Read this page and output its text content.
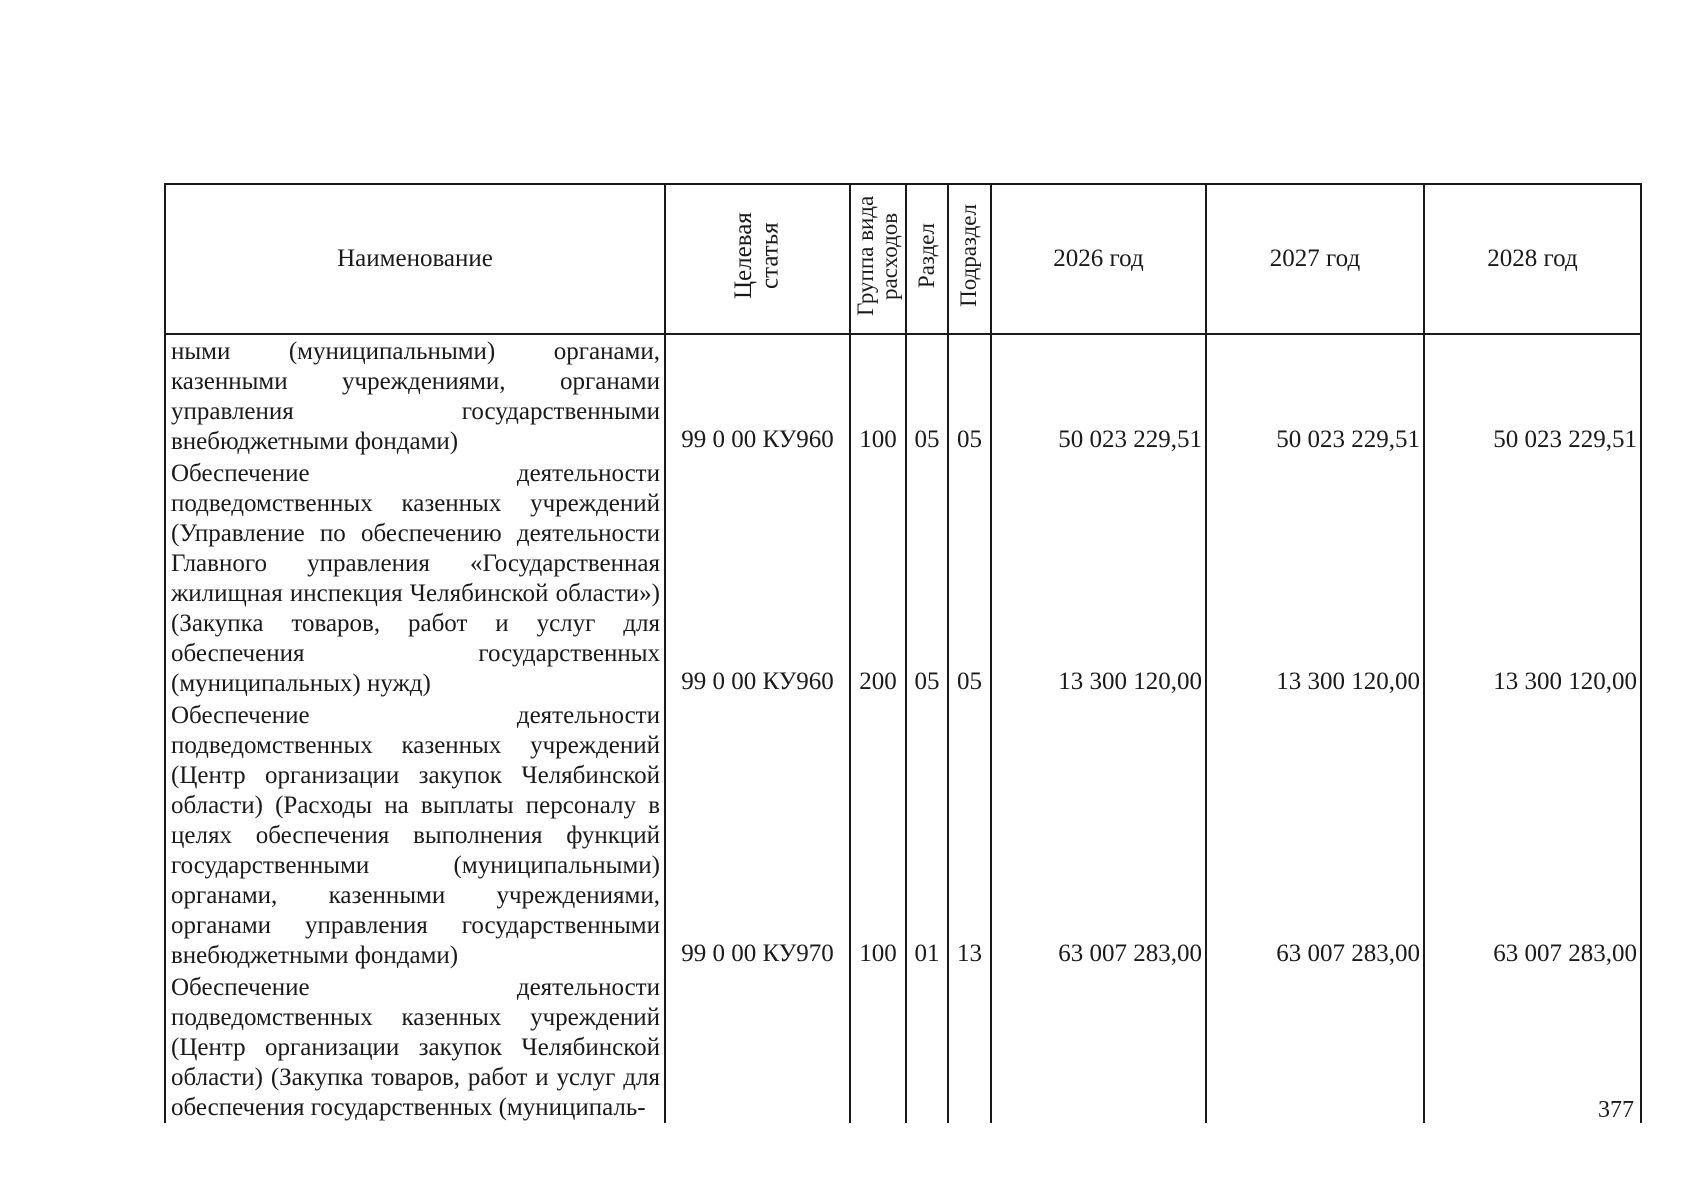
Наименование	Целевая статья	Группа вида расходов	Раздел	Подраздел	2026 год	2027 год	2028 год
ными (муниципальными) органами, казенными учреждениями, органами управления государственными внебюджетными фондами)	99 0 00 КУ960	100	05	05	50 023 229,51	50 023 229,51	50 023 229,51
Обеспечение деятельности подведомственных казенных учреждений (Управление по обеспечению деятельности Главного управления «Государственная жилищная инспекция Челябинской области») (Закупка товаров, работ и услуг для обеспечения государственных (муниципальных) нужд)	99 0 00 КУ960	200	05	05	13 300 120,00	13 300 120,00	13 300 120,00
Обеспечение деятельности подведомственных казенных учреждений (Центр организации закупок Челябинской области) (Расходы на выплаты персоналу в целях обеспечения выполнения функций государственными (муниципальными) органами, казенными учреждениями, органами управления государственными внебюджетными фондами)	99 0 00 КУ970	100	01	13	63 007 283,00	63 007 283,00	63 007 283,00
Обеспечение деятельности подведомственных казенных учреждений (Центр организации закупок Челябинской области) (Закупка товаров, работ и услуг для обеспечения государственных (муниципаль-								377
